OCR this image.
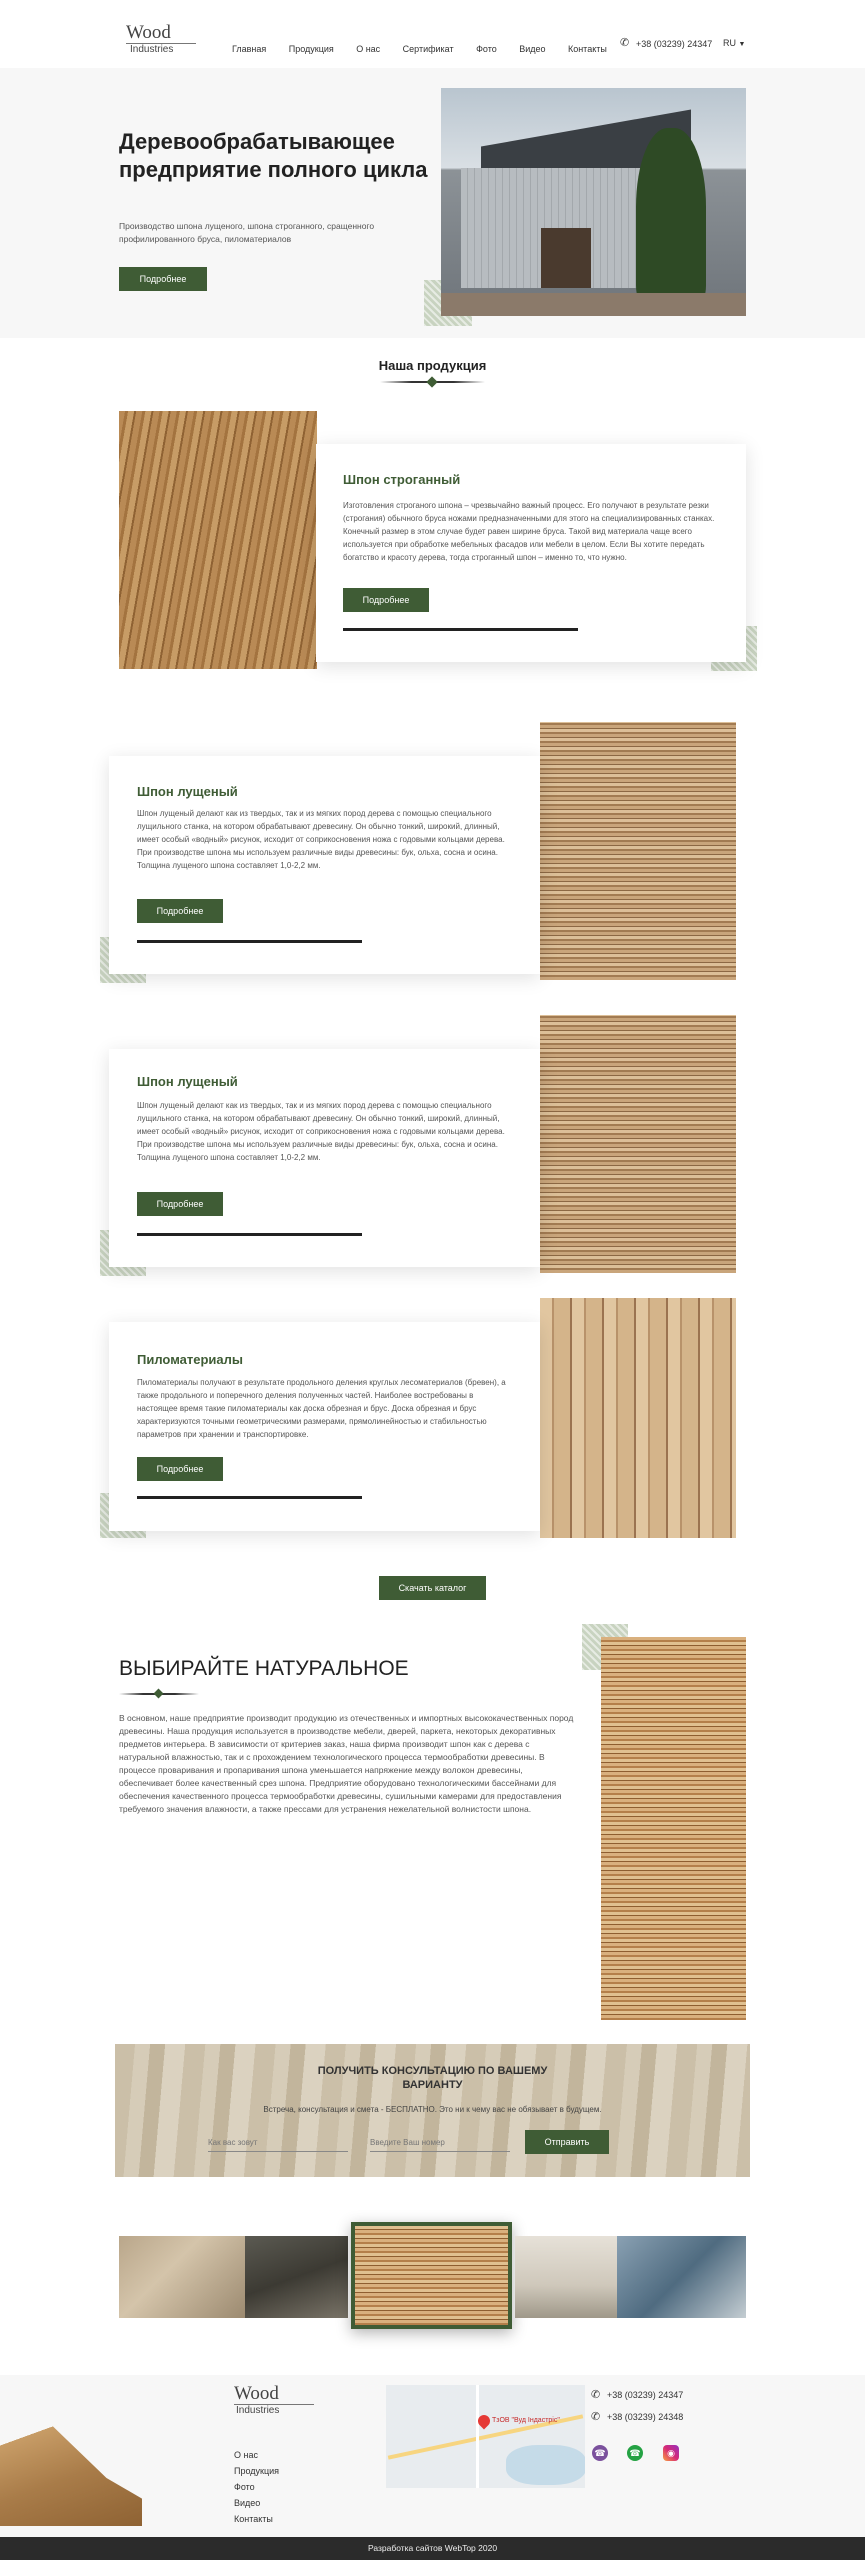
Wood
Industries	Главная Продукция О нас Сертификат Фото Видео Контакты	✆ +38 (03239) 24347 RU ▼
Деревообрабатывающее предприятие полного цикла

Производство шпона лущеного, шпона строганного, сращенного профилированного бруса, пиломатериалов

Подробнее
Наша продукция
Шпон строганный

Изготовления строганого шпона – чрезвычайно важный процесс. Его получают в результате резки (строгания) обычного бруса ножами предназначенными для этого на специализированных станках. Конечный размер в этом случае будет равен ширине бруса. Такой вид материала чаще всего используется при обработке мебельных фасадов или мебели в целом. Если Вы хотите передать богатство и красоту дерева, тогда строганный шпон – именно то, что нужно.

Подробнее
Шпон лущеный

Шпон лущеный делают как из твердых, так и из мягких пород дерева с помощью специального лущильного станка, на котором обрабатывают древесину. Он обычно тонкий, широкий, длинный, имеет особый «водный» рисунок, исходит от соприкосновения ножа с годовыми кольцами дерева. При производстве шпона мы используем различные виды древесины: бук, ольха, сосна и осина. Толщина лущеного шпона составляет 1,0-2,2 мм.

Подробнее
Шпон лущеный

Шпон лущеный делают как из твердых, так и из мягких пород дерева с помощью специального лущильного станка, на котором обрабатывают древесину. Он обычно тонкий, широкий, длинный, имеет особый «водный» рисунок, исходит от соприкосновения ножа с годовыми кольцами дерева. При производстве шпона мы используем различные виды древесины: бук, ольха, сосна и осина. Толщина лущеного шпона составляет 1,0-2,2 мм.

Подробнее
Пиломатериалы

Пиломатериалы получают в результате продольного деления круглых лесоматериалов (бревен), а также продольного и поперечного деления полученных частей. Наиболее востребованы в настоящее время такие пиломатериалы как доска обрезная и брус. Доска обрезная и брус характеризуются точными геометрическими размерами, прямолинейностью и стабильностью параметров при хранении и транспортировке.

Подробнее
Скачать каталог
ВЫБИРАЙТЕ НАТУРАЛЬНОЕ

В основном, наше предприятие производит продукцию из отечественных и импортных высококачественных пород древесины. Наша продукция используется в производстве мебели, дверей, паркета, некоторых декоративных предметов интерьера. В зависимости от критериев заказ, наша фирма производит шпон как с дерева с натуральной влажностью, так и с прохождением технологического процесса термообработки древесины. В процессе проваривания и пропаривания шпона уменьшается напряжение между волокон древесины, обеспечивает более качественный срез шпона. Предприятие оборудовано технологическими бассейнами для обеспечения качественного процесса термообработки древесины, сушильными камерами для предоставления требуемого значения влажности, а также прессами для устранения нежелательной волнистости шпона.

ПОЛУЧИТЬ КОНСУЛЬТАЦИЮ ПО ВАШЕМУ ВАРИАНТУ
Встреча, консультация и смета - БЕСПЛАТНО. Это ни к чему вас не обязывает в будущем.
Как вас зовут
Введите Ваш номер
Отправить
Wood
Industries
О нас
Продукция
Фото
Видео
Контакты
ТзОВ "Вуд Індастріс"
✆ +38 (03239) 24347
✆ +38 (03239) 24348
☎	☎	◉
Разработка сайтов WebTop 2020
